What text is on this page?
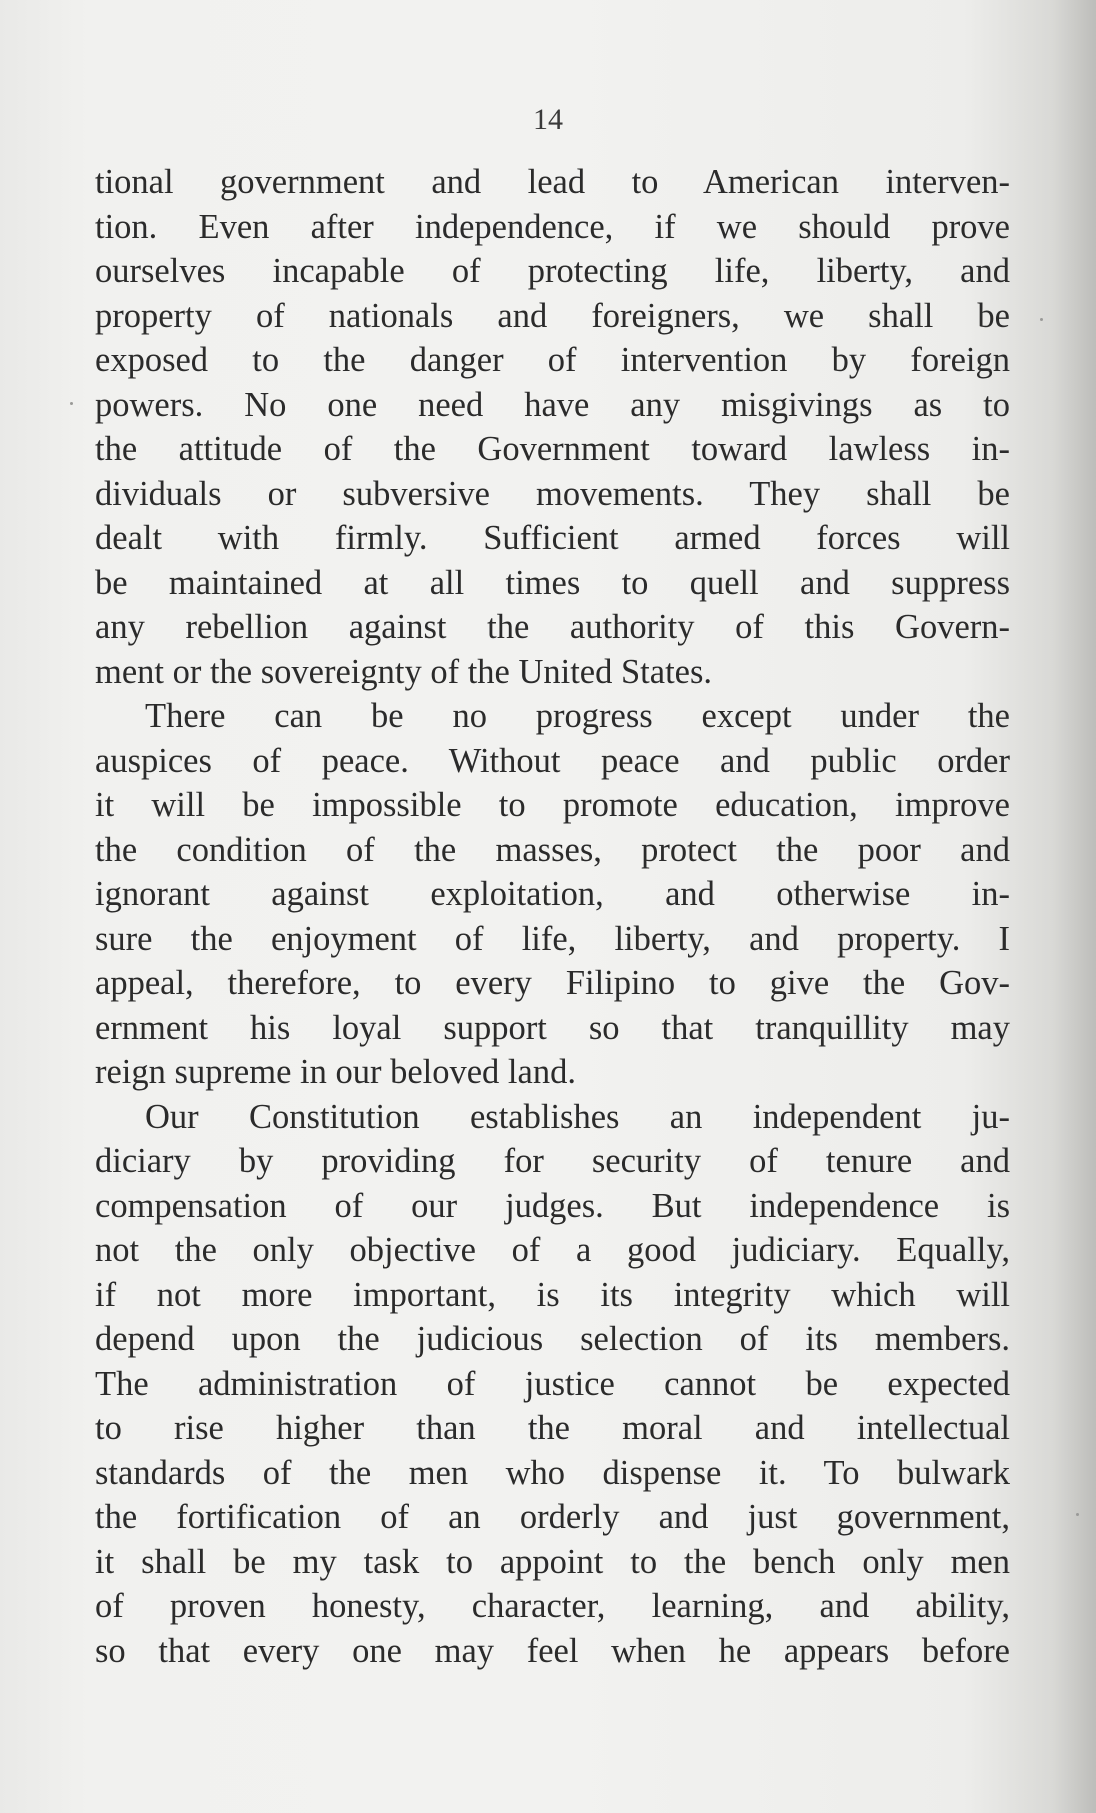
14
tional government and lead to American interven-
tion. Even after independence, if we should prove
ourselves incapable of protecting life, liberty, and
property of nationals and foreigners, we shall be
exposed to the danger of intervention by foreign
powers. No one need have any misgivings as to
the attitude of the Government toward lawless in-
dividuals or subversive movements. They shall be
dealt with firmly. Sufficient armed forces will
be maintained at all times to quell and suppress
any rebellion against the authority of this Govern-
ment or the sovereignty of the United States.
There can be no progress except under the
auspices of peace. Without peace and public order
it will be impossible to promote education, improve
the condition of the masses, protect the poor and
ignorant against exploitation, and otherwise in-
sure the enjoyment of life, liberty, and property. I
appeal, therefore, to every Filipino to give the Gov-
ernment his loyal support so that tranquillity may
reign supreme in our beloved land.
Our Constitution establishes an independent ju-
diciary by providing for security of tenure and
compensation of our judges. But independence is
not the only objective of a good judiciary. Equally,
if not more important, is its integrity which will
depend upon the judicious selection of its members.
The administration of justice cannot be expected
to rise higher than the moral and intellectual
standards of the men who dispense it. To bulwark
the fortification of an orderly and just government,
it shall be my task to appoint to the bench only men
of proven honesty, character, learning, and ability,
so that every one may feel when he appears before
